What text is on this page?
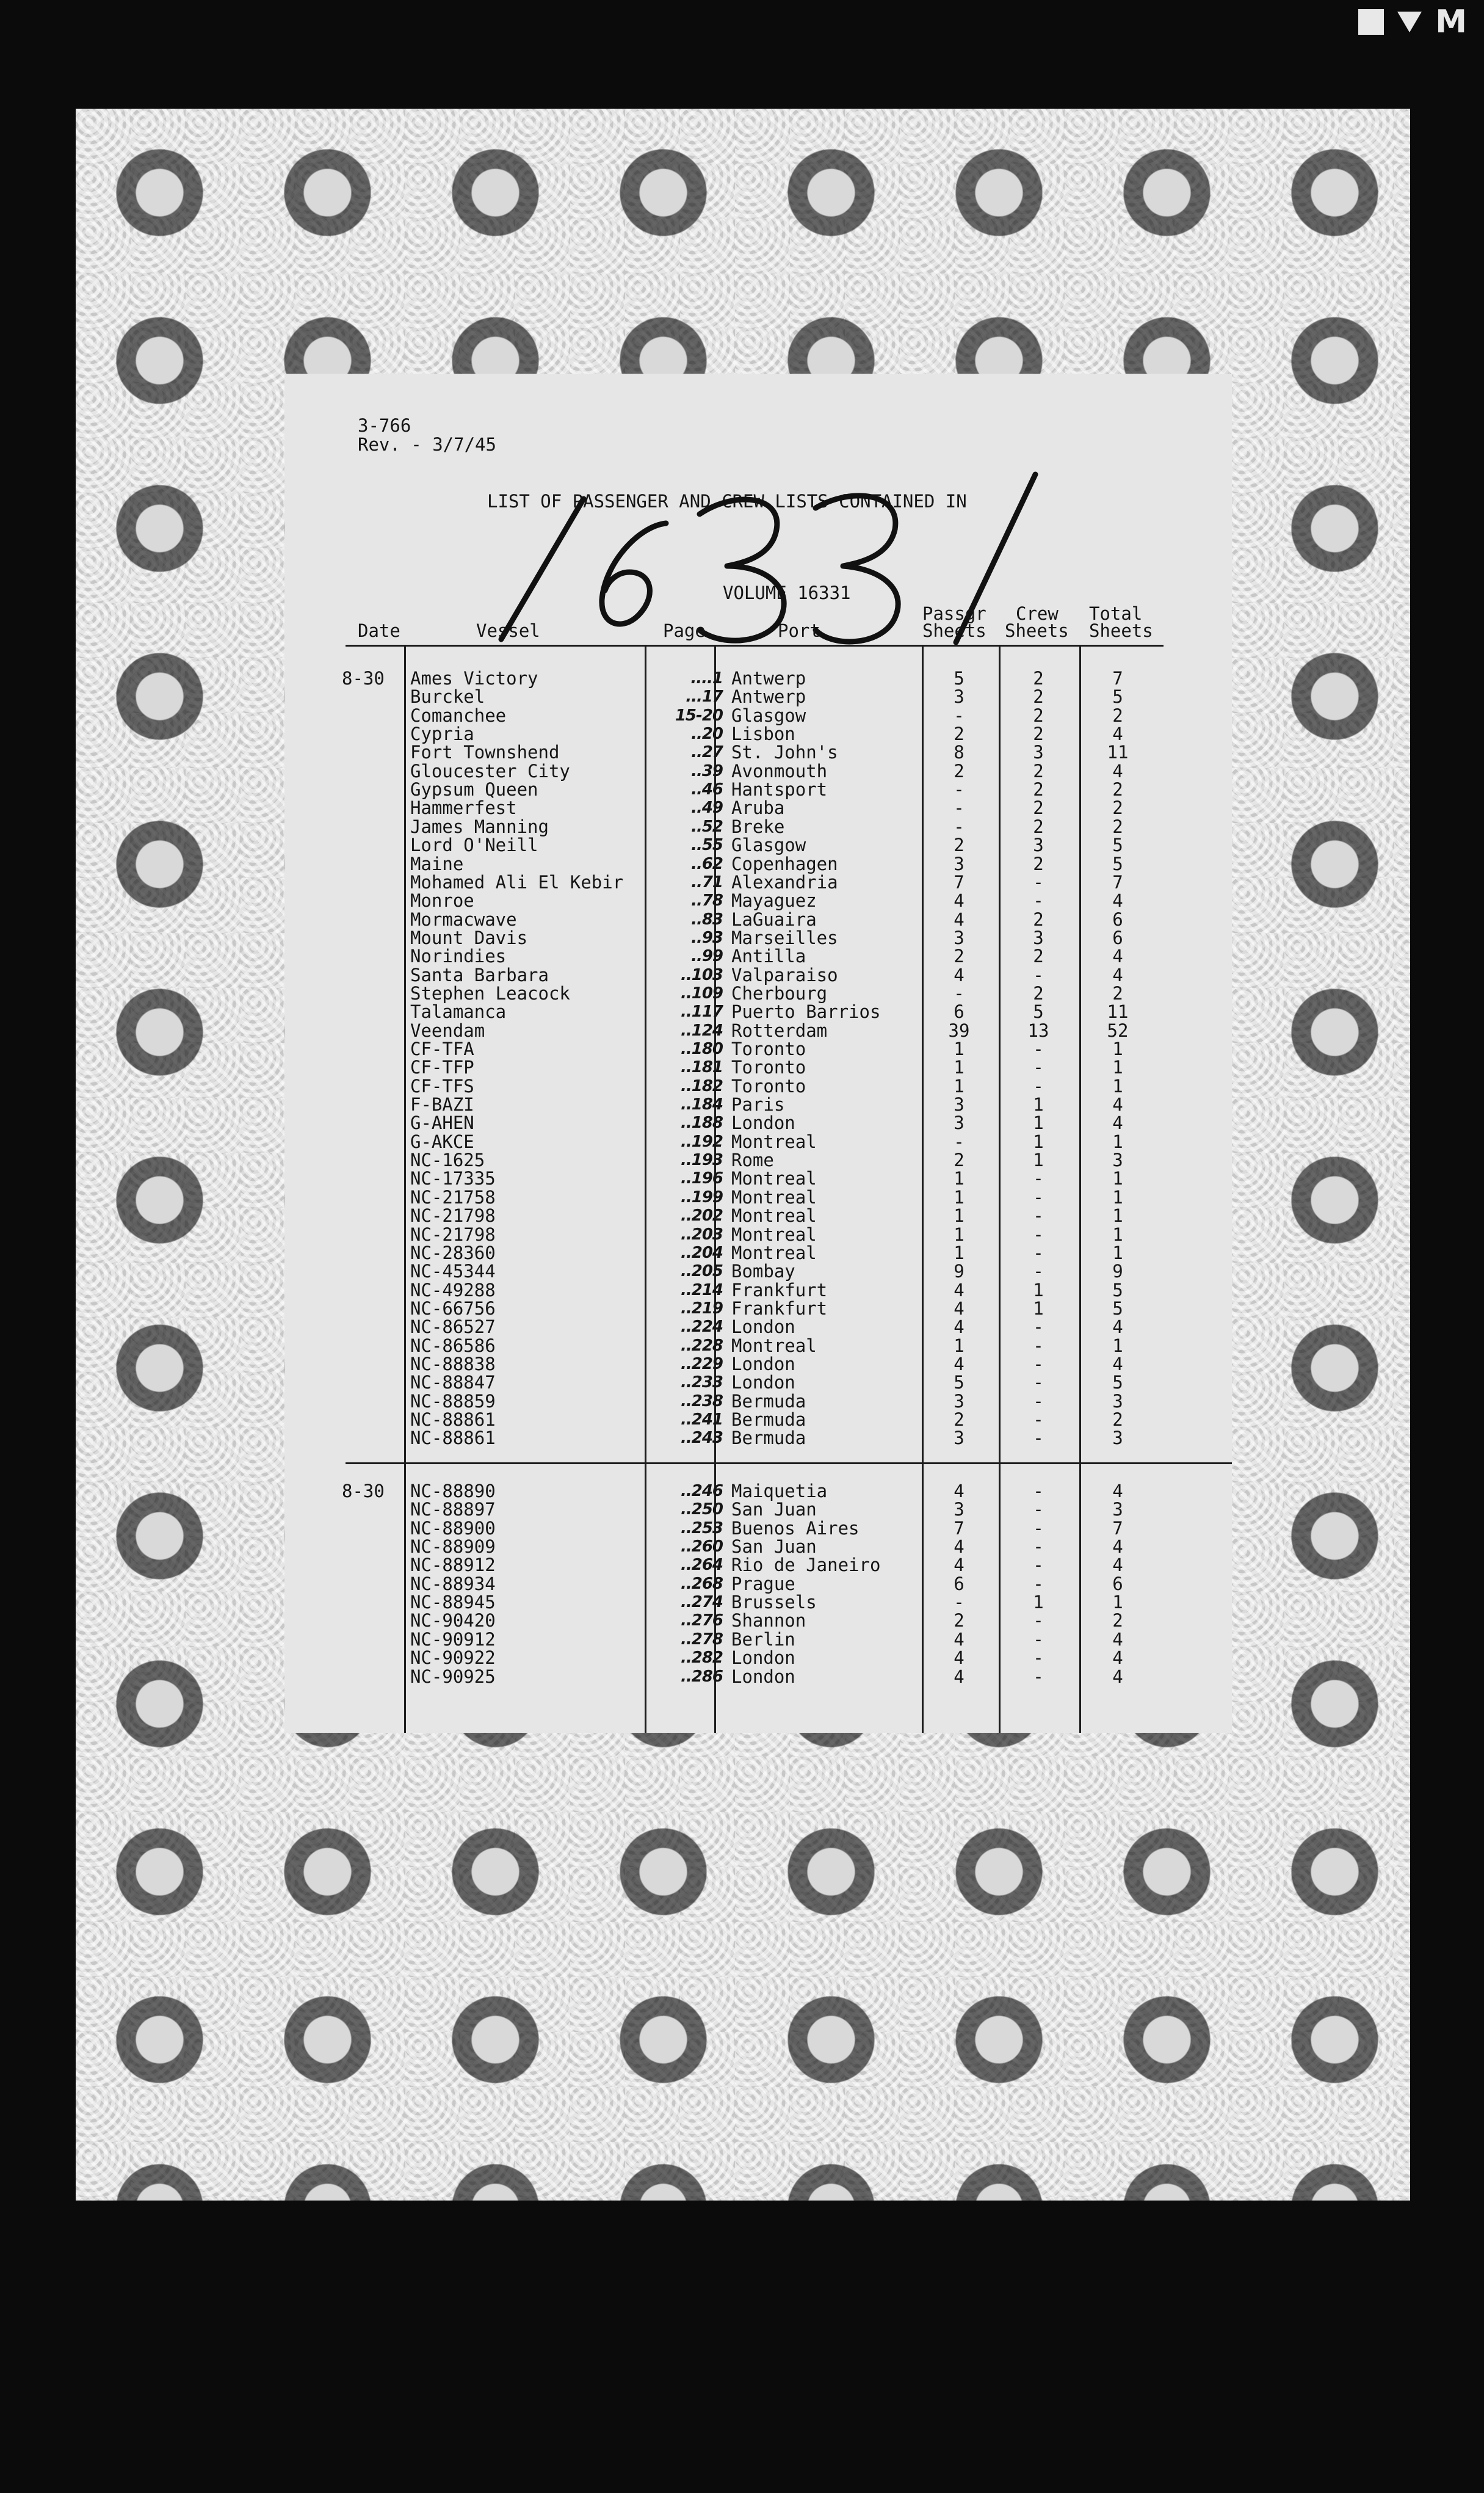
M
3-766
Rev. - 3/7/45
LIST OF PASSENGER AND CREW LISTS CONTAINED IN
VOLUME 16331
16331
Passgr Crew Total
Date	Vessel	Page	Port	Sheets Sheets Sheets
8-30
8-30
Ames Victory	....1 Antwerp	5	2	7
Burckel	...17 Antwerp	3	2	5
Comanchee	15-20 Glasgow	-	2	2
Cypria	..20 Lisbon	2	2	4
Fort Townshend	..27 St. John's	8	3	11
Gloucester City	..39 Avonmouth	2	2	4
Gypsum Queen	..46 Hantsport	-	2	2
Hammerfest	..49 Aruba	-	2	2
James Manning	..52 Breke	-	2	2
Lord O'Neill	..55 Glasgow	2	3	5
Maine	..62 Copenhagen	3	2	5
Mohamed Ali El Kebir	..71 Alexandria	7	-	7
Monroe	..78 Mayaguez	4	-	4
Mormacwave	..83 LaGuaira	4	2	6
Mount Davis	..93 Marseilles	3	3	6
Norindies	..99 Antilla	2	2	4
Santa Barbara	..103 Valparaiso	4	-	4
Stephen Leacock	..109 Cherbourg	-	2	2
Talamanca	..117 Puerto Barrios	6	5	11
Veendam	..124 Rotterdam	39	13	52
CF-TFA	..180 Toronto	1	-	1
CF-TFP	..181 Toronto	1	-	1
CF-TFS	..182 Toronto	1	-	1
F-BAZI	..184 Paris	3	1	4
G-AHEN	..188 London	3	1	4
G-AKCE	..192 Montreal	-	1	1
NC-1625	..193 Rome	2	1	3
NC-17335	..196 Montreal	1	-	1
NC-21758	..199 Montreal	1	-	1
NC-21798	..202 Montreal	1	-	1
NC-21798	..203 Montreal	1	-	1
NC-28360	..204 Montreal	1	-	1
NC-45344	..205 Bombay	9	-	9
NC-49288	..214 Frankfurt	4	1	5
NC-66756	..219 Frankfurt	4	1	5
NC-86527	..224 London	4	-	4
NC-86586	..228 Montreal	1	-	1
NC-88838	..229 London	4	-	4
NC-88847	..233 London	5	-	5
NC-88859	..238 Bermuda	3	-	3
NC-88861	..241 Bermuda	2	-	2
NC-88861	..243 Bermuda	3	-	3
NC-88890	..246 Maiquetia	4	-	4
NC-88897	..250 San Juan	3	-	3
NC-88900	..253 Buenos Aires	7	-	7
NC-88909	..260 San Juan	4	-	4
NC-88912	..264 Rio de Janeiro	4	-	4
NC-88934	..268 Prague	6	-	6
NC-88945	..274 Brussels	-	1	1
NC-90420	..276 Shannon	2	-	2
NC-90912	..278 Berlin	4	-	4
NC-90922	..282 London	4	-	4
NC-90925	..286 London	4	-	4
